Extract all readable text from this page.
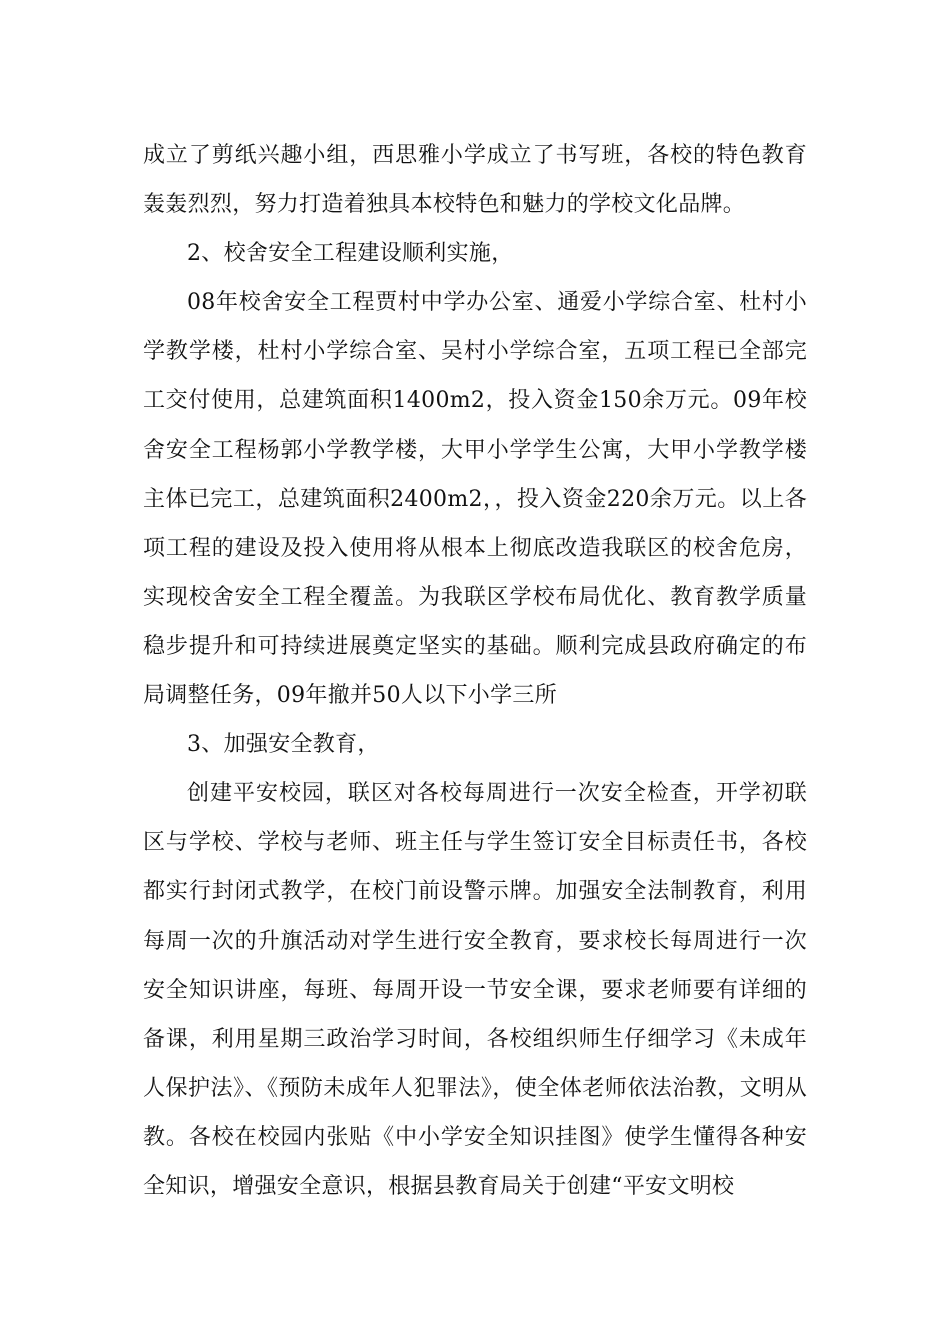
成立了剪纸兴趣小组，西思雅小学成立了书写班，各校的特色教育轰轰烈烈，努力打造着独具本校特色和魅力的学校文化品牌。

2、校舍安全工程建设顺利实施，

08年校舍安全工程贾村中学办公室、通爱小学综合室、杜村小学教学楼，杜村小学综合室、吴村小学综合室，五项工程已全部完工交付使用，总建筑面积1400m2，投入资金150余万元。09年校舍安全工程杨郭小学教学楼，大甲小学学生公寓，大甲小学教学楼主体已完工，总建筑面积2400m2，，投入资金220余万元。以上各项工程的建设及投入使用将从根本上彻底改造我联区的校舍危房，实现校舍安全工程全覆盖。为我联区学校布局优化、教育教学质量稳步提升和可持续进展奠定坚实的基础。顺利完成县政府确定的布局调整任务，09年撤并50人以下小学三所

3、加强安全教育，

创建平安校园，联区对各校每周进行一次安全检查，开学初联区与学校、学校与老师、班主任与学生签订安全目标责任书，各校都实行封闭式教学，在校门前设警示牌。加强安全法制教育，利用每周一次的升旗活动对学生进行安全教育，要求校长每周进行一次安全知识讲座，每班、每周开设一节安全课，要求老师要有详细的备课，利用星期三政治学习时间，各校组织师生仔细学习《未成年人保护法》、《预防未成年人犯罪法》，使全体老师依法治教，文明从教。各校在校园内张贴《中小学安全知识挂图》使学生懂得各种安全知识，增强安全意识，根据县教育局关于创建“平安文明校
